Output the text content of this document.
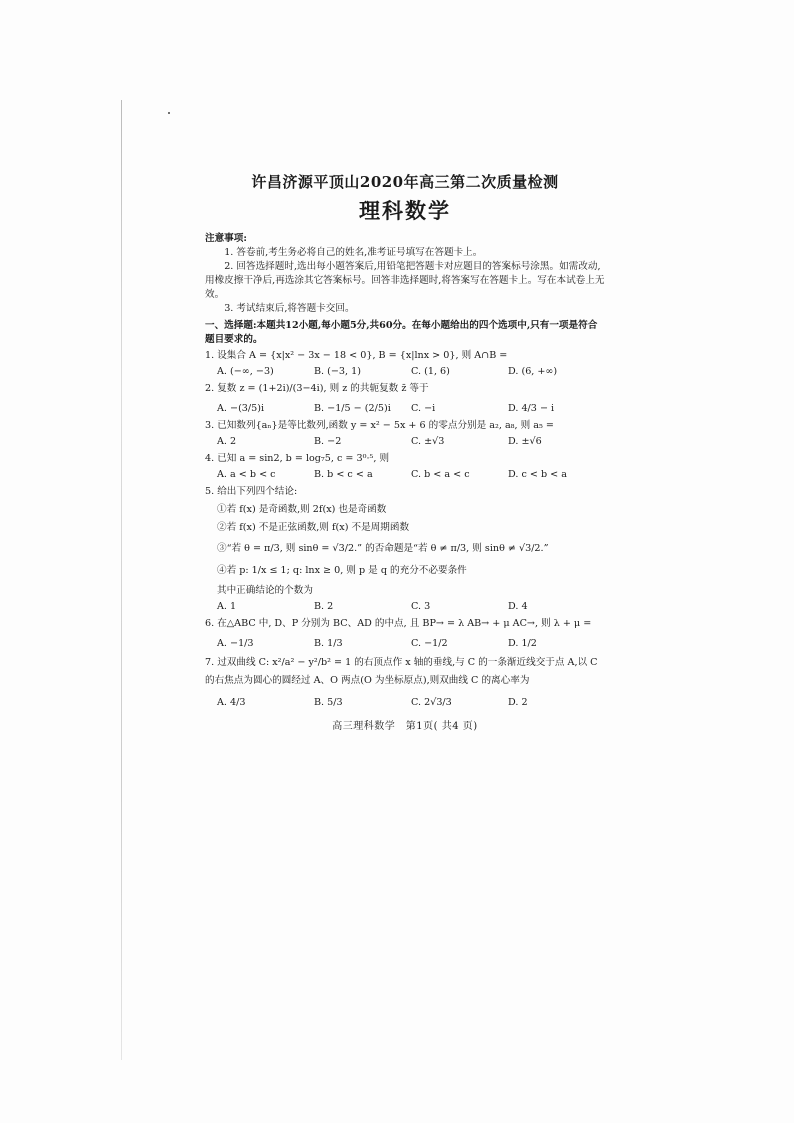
许昌济源平顶山2020年高三第二次质量检测
理科数学
注意事项:
1. 答卷前,考生务必将自己的姓名,准考证号填写在答题卡上。
2. 回答选择题时,选出每小题答案后,用铅笔把答题卡对应题目的答案标号涂黑。如需改动,用橡皮擦干净后,再选涂其它答案标号。回答非选择题时,将答案写在答题卡上。写在本试卷上无效。
3. 考试结束后,将答题卡交回。
一、选择题:本题共12小题,每小题5分,共60分。在每小题给出的四个选项中,只有一项是符合题目要求的。
1. 设集合 A = {x|x² − 3x − 18 < 0}, B = {x|lnx > 0}, 则 A∩B =
A. (−∞, −3)	B. (−3, 1)	C. (1, 6)	D. (6, +∞)
2. 复数 z = (1+2i)/(3−4i), 则 z 的共轭复数 z̄ 等于
A. −(3/5)i	B. −1/5 − (2/5)i	C. −i	D. 4/3 − i
3. 已知数列{aₙ}是等比数列,函数 y = x² − 5x + 6 的零点分别是 a₂, a₈, 则 a₅ =
A. 2	B. −2	C. ±√3	D. ±√6
4. 已知 a = sin2, b = log₇5, c = 3⁰·⁵, 则
A. a < b < c	B. b < c < a	C. b < a < c	D. c < b < a
5. 给出下列四个结论:
①若 f(x) 是奇函数,则 2f(x) 也是奇函数
②若 f(x) 不是正弦函数,则 f(x) 不是周期函数
③“若 θ = π/3, 则 sinθ = √3/2.” 的否命题是“若 θ ≠ π/3, 则 sinθ ≠ √3/2.”
④若 p: 1/x ≤ 1; q: lnx ≥ 0, 则 p 是 q 的充分不必要条件
其中正确结论的个数为
A. 1	B. 2	C. 3	D. 4
6. 在△ABC 中, D、P 分别为 BC、AD 的中点, 且 BP→ = λ AB→ + μ AC→, 则 λ + μ =
A. −1/3	B. 1/3	C. −1/2	D. 1/2
7. 过双曲线 C: x²/a² − y²/b² = 1 的右顶点作 x 轴的垂线,与 C 的一条渐近线交于点 A,以 C 的右焦点为圆心的圆经过 A、O 两点(O 为坐标原点),则双曲线 C 的离心率为
A. 4/3	B. 5/3	C. 2√3/3	D. 2
高三理科数学　第1页( 共4 页)
